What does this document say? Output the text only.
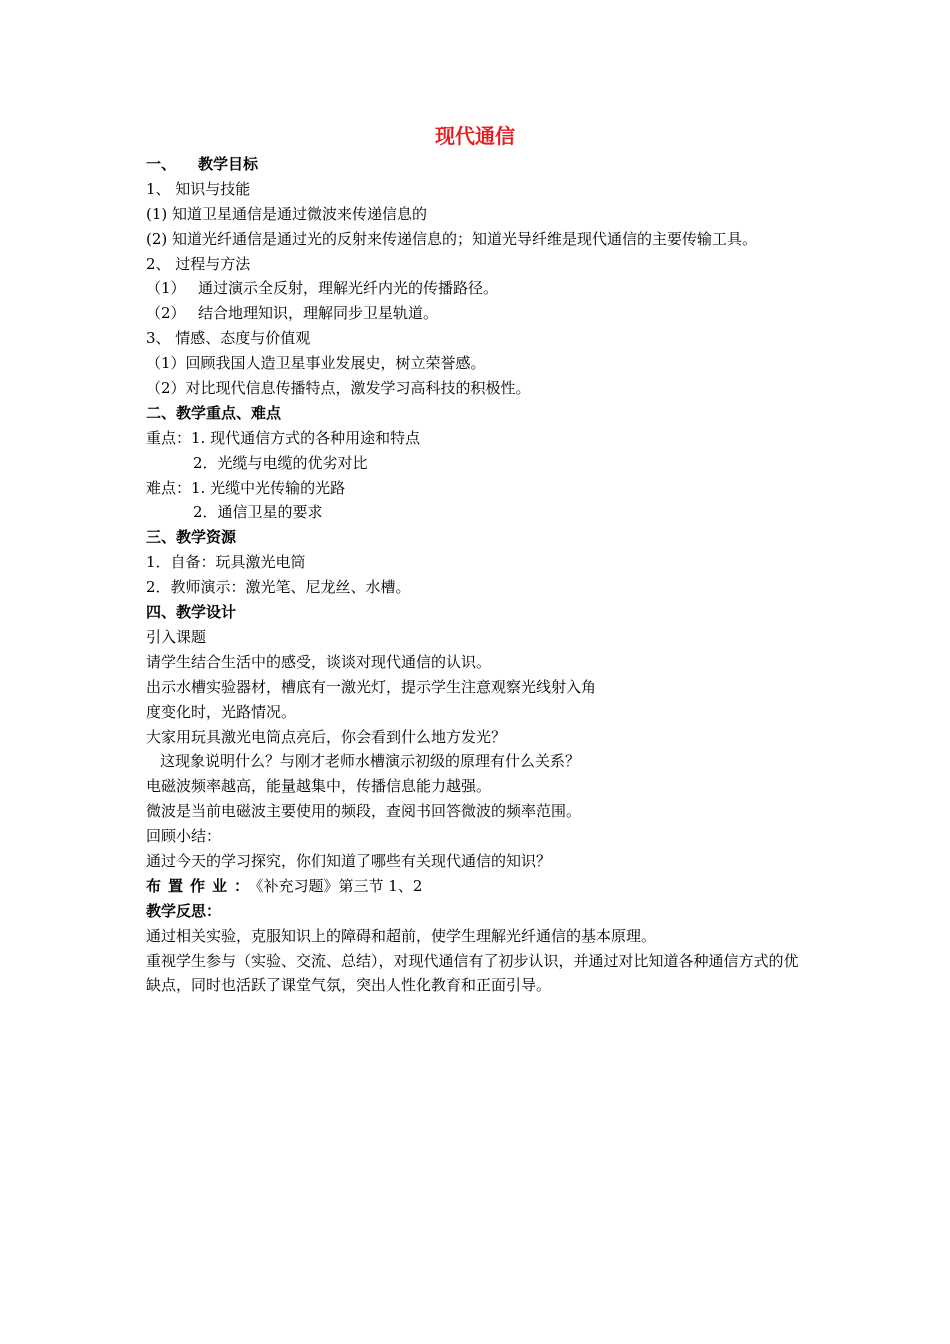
现代通信
一、 教学目标
1、 知识与技能
(1) 知道卫星通信是通过微波来传递信息的
(2) 知道光纤通信是通过光的反射来传递信息的；知道光导纤维是现代通信的主要传输工具。
2、 过程与方法
（1） 通过演示全反射，理解光纤内光的传播路径。
（2） 结合地理知识，理解同步卫星轨道。
3、 情感、态度与价值观
（1）回顾我国人造卫星事业发展史，树立荣誉感。
（2）对比现代信息传播特点，激发学习高科技的积极性。
二、教学重点、难点
重点：1. 现代通信方式的各种用途和特点
2．光缆与电缆的优劣对比
难点：1. 光缆中光传输的光路
2．通信卫星的要求
三、教学资源
1．自备：玩具激光电筒
2．教师演示：激光笔、尼龙丝、水槽。
四、教学设计
引入课题
请学生结合生活中的感受，谈谈对现代通信的认识。
出示水槽实验器材，槽底有一激光灯，提示学生注意观察光线射入角
度变化时，光路情况。
大家用玩具激光电筒点亮后，你会看到什么地方发光？
这现象说明什么？与刚才老师水槽演示初级的原理有什么关系？
电磁波频率越高，能量越集中，传播信息能力越强。
微波是当前电磁波主要使用的频段，查阅书回答微波的频率范围。
回顾小结：
通过今天的学习探究，你们知道了哪些有关现代通信的知识？
布置作业：《补充习题》第三节 1、2
教学反思：
通过相关实验，克服知识上的障碍和超前，使学生理解光纤通信的基本原理。
重视学生参与（实验、交流、总结），对现代通信有了初步认识，并通过对比知道各种通信方式的优缺点，同时也活跃了课堂气氛，突出人性化教育和正面引导。
